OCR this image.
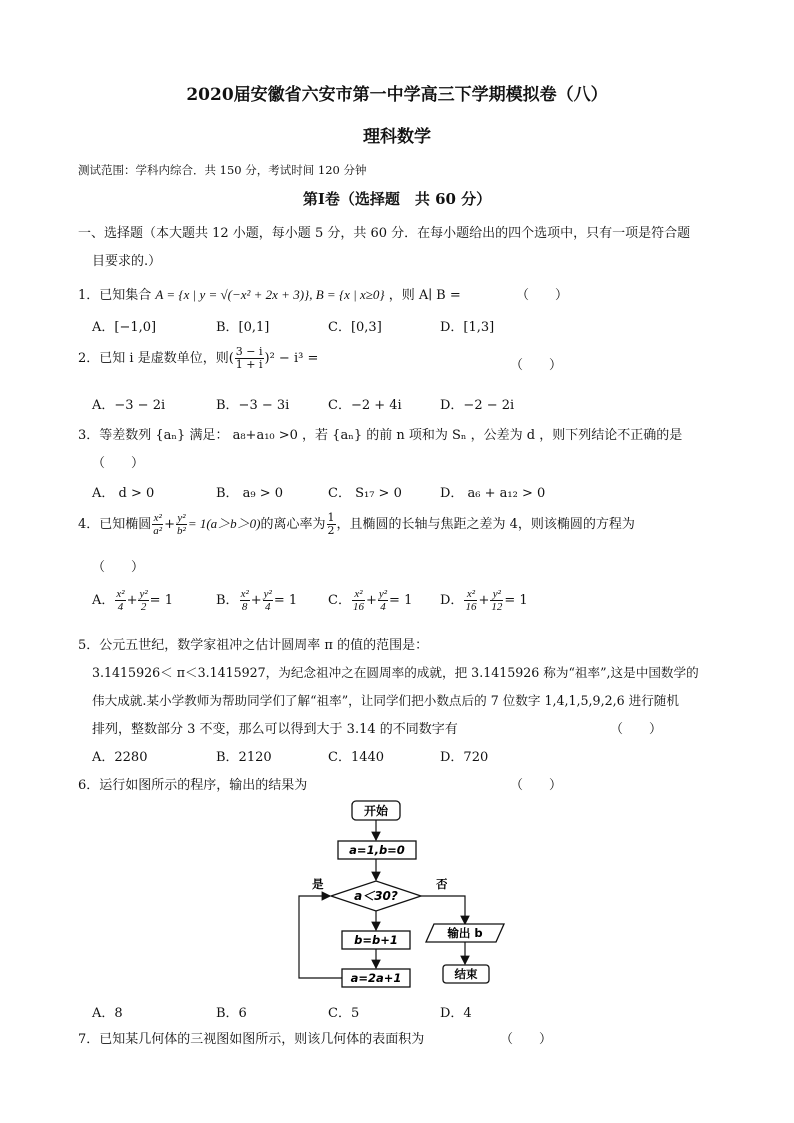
2020届安徽省六安市第一中学高三下学期模拟卷（八）
理科数学
测试范围：学科内综合．共 150 分，考试时间 120 分钟
第Ⅰ卷（选择题　共 60 分）
一、选择题（本大题共 12 小题，每小题 5 分，共 60 分．在每小题给出的四个选项中，只有一项是符合题
目要求的.）
1．已知集合 A = {x | y = √(−x² + 2x + 3)}, B = {x | x≥0} ，则 A∣ B =	（　　）
A．[−1,0]	B．[0,1]	C．[0,3]	D．[1,3]
2．已知 i 是虚数单位，则( $\frac{3 - i}{1 + i} )^2 - i^3$ =	（　　）
A．−3 − 2i	B．−3 − 3i	C．−2 + 4i	D．−2 − 2i
3．等差数列 {aₙ} 满足： a₈+a₁₀ >0 ，若 {aₙ} 的前 n 项和为 Sₙ ，公差为 d ，则下列结论不正确的是
（　　）
A． d > 0	B． a₉ > 0	C． S₁₇ > 0	D． a₆ + a₁₂ > 0
4．已知椭圆 $\frac{\text{x²}}{\text{a²}} + \frac{\text{y²}}{\text{b²}} = 1(a>b>0)$的离心率为 $\frac{1}{2}$ ，且椭圆的长轴与焦距之差为 4，则该椭圆的方程为
（　　）
A． $\frac{\text{x²}}{4} + \frac{\text{y²}}{2} = 1$	B． $\frac{\text{x²}}{8} + \frac{\text{y²}}{4} = 1$ C． $\frac{\text{x²}}{16} + \frac{\text{y²}}{4} = 1$ D． $\frac{\text{x²}}{16} + \frac{\text{y²}}{12} = 1$
5．公元五世纪，数学家祖冲之估计圆周率 π 的值的范围是：
3.1415926＜ π＜3.1415927，为纪念祖冲之在圆周率的成就，把 3.1415926 称为“祖率”,这是中国数学的
伟大成就.某小学教师为帮助同学们了解“祖率”，让同学们把小数点后的 7 位数字 1,4,1,5,9,2,6 进行随机
排列，整数部分 3 不变，那么可以得到大于 3.14 的不同数字有	（　　）
A．2280	B．2120	C．1440	D．720
6．运行如图所示的程序，输出的结果为	（　　）
开始
a=1,b=0
a＜30?
是	否
输出 b
结束
b=b+1
a=2a+1
A．8	B．6	C．5	D．4
7．已知某几何体的三视图如图所示，则该几何体的表面积为	（　　）
